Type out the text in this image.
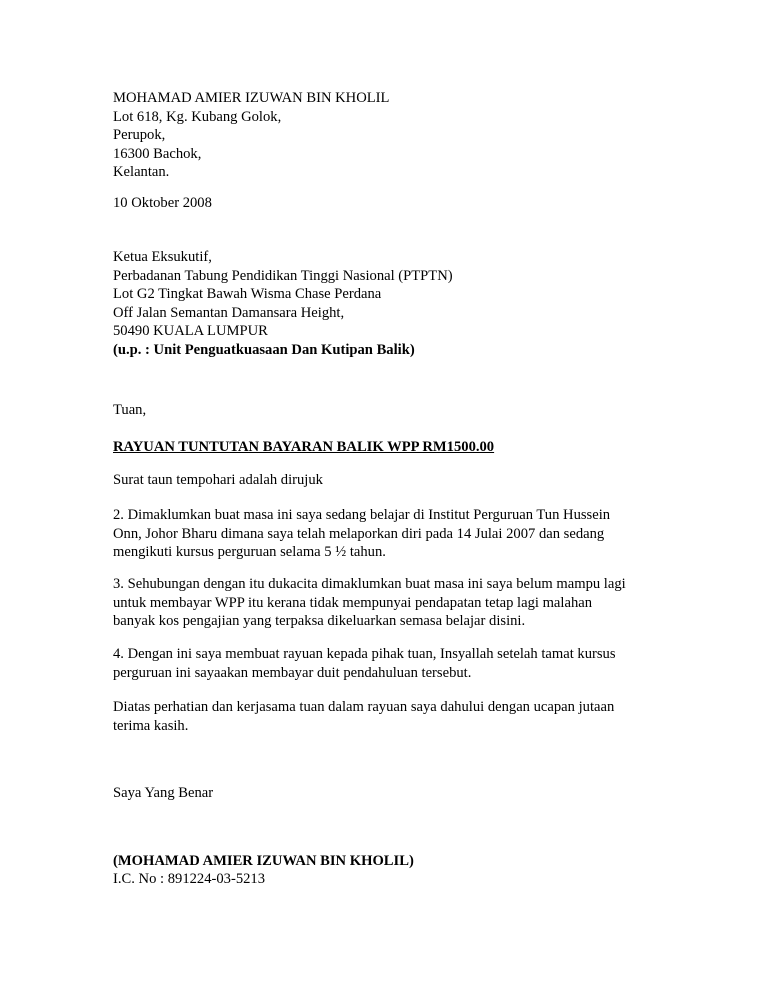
MOHAMAD AMIER IZUWAN BIN KHOLIL
Lot 618, Kg. Kubang Golok,
Perupok,
16300 Bachok,
Kelantan.
10 Oktober 2008
Ketua Eksukutif,
Perbadanan Tabung Pendidikan Tinggi Nasional (PTPTN)
Lot G2 Tingkat Bawah Wisma Chase Perdana
Off Jalan Semantan Damansara Height,
50490 KUALA LUMPUR
(u.p. : Unit Penguatkuasaan Dan Kutipan Balik)
Tuan,
RAYUAN TUNTUTAN BAYARAN BALIK WPP RM1500.00
Surat taun tempohari adalah dirujuk
2. Dimaklumkan buat masa ini saya sedang belajar di Institut Perguruan Tun Hussein
Onn, Johor Bharu dimana saya telah melaporkan diri pada 14 Julai 2007 dan sedang
mengikuti kursus perguruan selama 5 ½ tahun.
3. Sehubungan dengan itu dukacita dimaklumkan buat masa ini saya belum mampu lagi
untuk membayar WPP itu kerana tidak mempunyai pendapatan tetap lagi malahan
banyak kos pengajian yang terpaksa dikeluarkan semasa belajar disini.
4. Dengan ini saya membuat rayuan kepada pihak tuan, Insyallah setelah tamat kursus
perguruan ini sayaakan membayar duit pendahuluan tersebut.
Diatas perhatian dan kerjasama tuan dalam rayuan saya dahului dengan ucapan jutaan
terima kasih.
Saya Yang Benar
(MOHAMAD AMIER IZUWAN BIN KHOLIL)
I.C. No : 891224-03-5213
